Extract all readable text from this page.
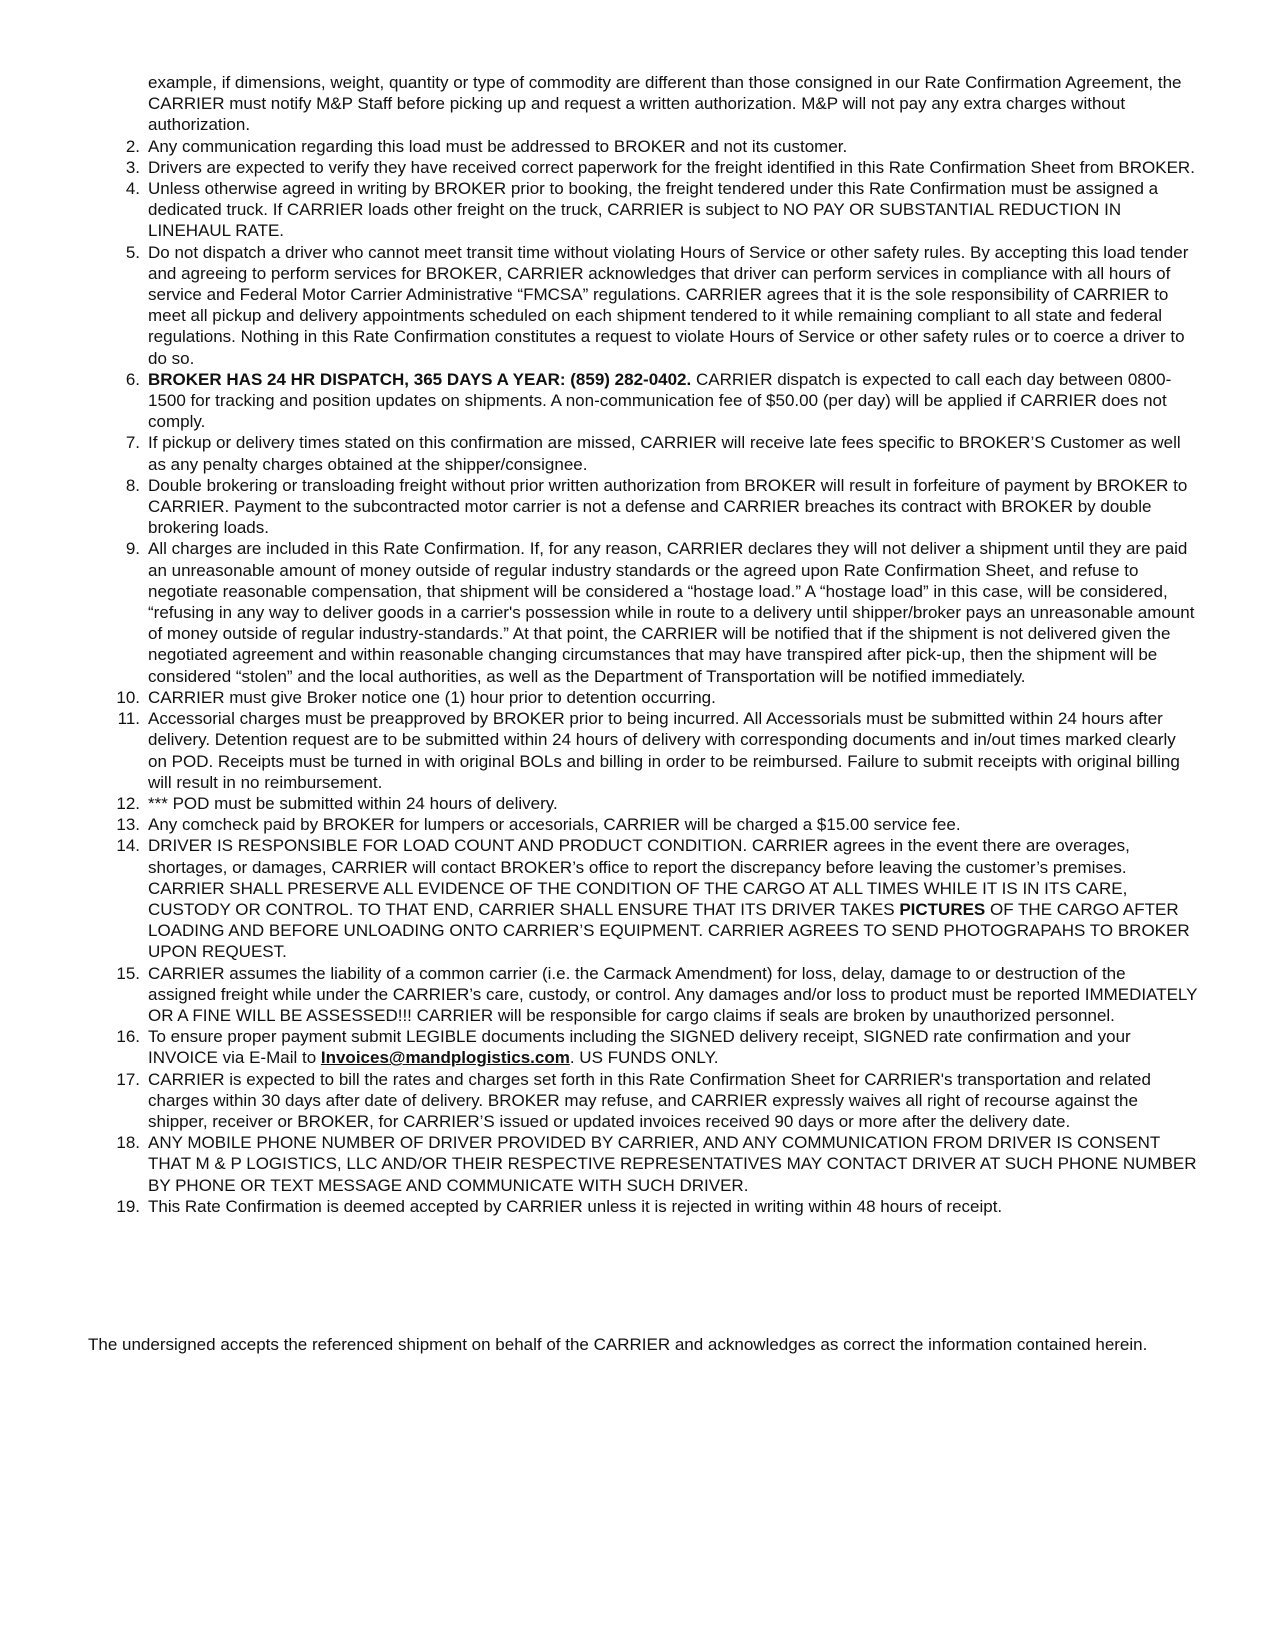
example, if dimensions, weight, quantity or type of commodity are different than those consigned in our Rate Confirmation Agreement, the CARRIER must notify M&P Staff before picking up and request a written authorization. M&P will not pay any extra charges without authorization.
2. Any communication regarding this load must be addressed to BROKER and not its customer.
3. Drivers are expected to verify they have received correct paperwork for the freight identified in this Rate Confirmation Sheet from BROKER.
4. Unless otherwise agreed in writing by BROKER prior to booking, the freight tendered under this Rate Confirmation must be assigned a dedicated truck. If CARRIER loads other freight on the truck, CARRIER is subject to NO PAY OR SUBSTANTIAL REDUCTION IN LINEHAUL RATE.
5. Do not dispatch a driver who cannot meet transit time without violating Hours of Service or other safety rules. By accepting this load tender and agreeing to perform services for BROKER, CARRIER acknowledges that driver can perform services in compliance with all hours of service and Federal Motor Carrier Administrative “FMCSA” regulations. CARRIER agrees that it is the sole responsibility of CARRIER to meet all pickup and delivery appointments scheduled on each shipment tendered to it while remaining compliant to all state and federal regulations. Nothing in this Rate Confirmation constitutes a request to violate Hours of Service or other safety rules or to coerce a driver to do so.
6. BROKER HAS 24 HR DISPATCH, 365 DAYS A YEAR: (859) 282-0402. CARRIER dispatch is expected to call each day between 0800-1500 for tracking and position updates on shipments. A non-communication fee of $50.00 (per day) will be applied if CARRIER does not comply.
7. If pickup or delivery times stated on this confirmation are missed, CARRIER will receive late fees specific to BROKER’S Customer as well as any penalty charges obtained at the shipper/consignee.
8. Double brokering or transloading freight without prior written authorization from BROKER will result in forfeiture of payment by BROKER to CARRIER. Payment to the subcontracted motor carrier is not a defense and CARRIER breaches its contract with BROKER by double brokering loads.
9. All charges are included in this Rate Confirmation. If, for any reason, CARRIER declares they will not deliver a shipment until they are paid an unreasonable amount of money outside of regular industry standards or the agreed upon Rate Confirmation Sheet, and refuse to negotiate reasonable compensation, that shipment will be considered a “hostage load.” A “hostage load” in this case, will be considered, “refusing in any way to deliver goods in a carrier's possession while in route to a delivery until shipper/broker pays an unreasonable amount of money outside of regular industry-standards.” At that point, the CARRIER will be notified that if the shipment is not delivered given the negotiated agreement and within reasonable changing circumstances that may have transpired after pick-up, then the shipment will be considered “stolen” and the local authorities, as well as the Department of Transportation will be notified immediately.
10. CARRIER must give Broker notice one (1) hour prior to detention occurring.
11. Accessorial charges must be preapproved by BROKER prior to being incurred. All Accessorials must be submitted within 24 hours after delivery. Detention request are to be submitted within 24 hours of delivery with corresponding documents and in/out times marked clearly on POD. Receipts must be turned in with original BOLs and billing in order to be reimbursed. Failure to submit receipts with original billing will result in no reimbursement.
12. *** POD must be submitted within 24 hours of delivery.
13. Any comcheck paid by BROKER for lumpers or accesorials, CARRIER will be charged a $15.00 service fee.
14. DRIVER IS RESPONSIBLE FOR LOAD COUNT AND PRODUCT CONDITION. CARRIER agrees in the event there are overages, shortages, or damages, CARRIER will contact BROKER’s office to report the discrepancy before leaving the customer’s premises. CARRIER SHALL PRESERVE ALL EVIDENCE OF THE CONDITION OF THE CARGO AT ALL TIMES WHILE IT IS IN ITS CARE, CUSTODY OR CONTROL. TO THAT END, CARRIER SHALL ENSURE THAT ITS DRIVER TAKES PICTURES OF THE CARGO AFTER LOADING AND BEFORE UNLOADING ONTO CARRIER’S EQUIPMENT. CARRIER AGREES TO SEND PHOTOGRAPAHS TO BROKER UPON REQUEST.
15. CARRIER assumes the liability of a common carrier (i.e. the Carmack Amendment) for loss, delay, damage to or destruction of the assigned freight while under the CARRIER’s care, custody, or control. Any damages and/or loss to product must be reported IMMEDIATELY OR A FINE WILL BE ASSESSED!!! CARRIER will be responsible for cargo claims if seals are broken by unauthorized personnel.
16. To ensure proper payment submit LEGIBLE documents including the SIGNED delivery receipt, SIGNED rate confirmation and your INVOICE via E-Mail to Invoices@mandplogistics.com. US FUNDS ONLY.
17. CARRIER is expected to bill the rates and charges set forth in this Rate Confirmation Sheet for CARRIER's transportation and related charges within 30 days after date of delivery. BROKER may refuse, and CARRIER expressly waives all right of recourse against the shipper, receiver or BROKER, for CARRIER’S issued or updated invoices received 90 days or more after the delivery date.
18. ANY MOBILE PHONE NUMBER OF DRIVER PROVIDED BY CARRIER, AND ANY COMMUNICATION FROM DRIVER IS CONSENT THAT M & P LOGISTICS, LLC AND/OR THEIR RESPECTIVE REPRESENTATIVES MAY CONTACT DRIVER AT SUCH PHONE NUMBER BY PHONE OR TEXT MESSAGE AND COMMUNICATE WITH SUCH DRIVER.
19. This Rate Confirmation is deemed accepted by CARRIER unless it is rejected in writing within 48 hours of receipt.
The undersigned accepts the referenced shipment on behalf of the CARRIER and acknowledges as correct the information contained herein.
